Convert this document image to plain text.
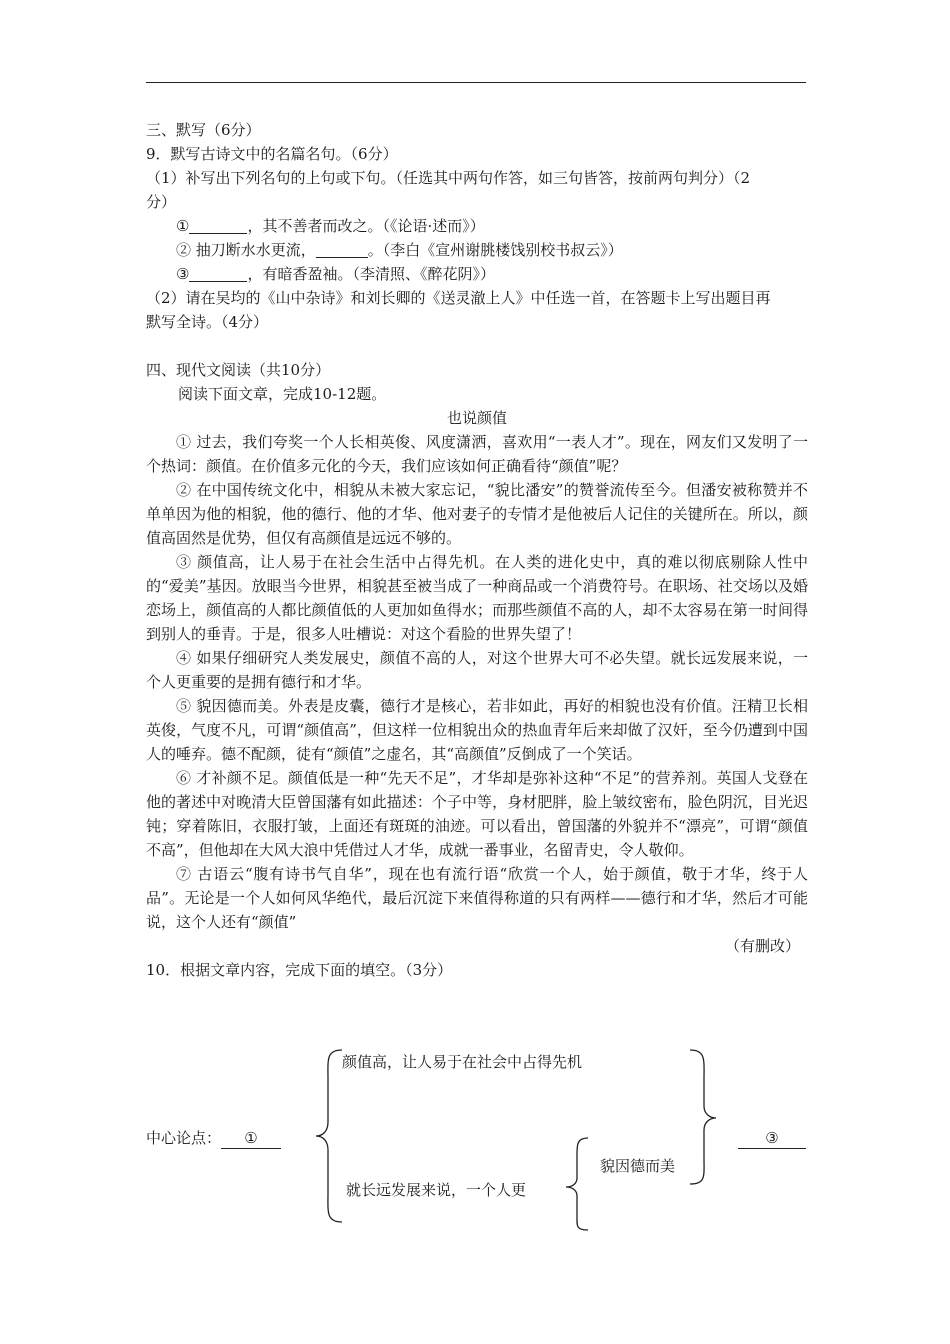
三、默写（6分）
9．默写古诗文中的名篇名句。（6分）
（1）补写出下列名句的上句或下句。（任选其中两句作答，如三句皆答，按前两句判分）（2
分）
①	，其不善者而改之。（《论语·述而》）
② 抽刀断水水更流，	。（李白《宣州谢朓楼饯别校书叔云》）
③	，有暗香盈袖。（李清照、《醉花阴》）
（2）请在吴均的《山中杂诗》和刘长卿的《送灵澈上人》中任选一首，在答题卡上写出题目再
默写全诗。（4分）
四、现代文阅读（共10分）
阅读下面文章，完成10-12题。
也说颜值
① 过去，我们夸奖一个人长相英俊、风度潇洒，喜欢用“一表人才”。现在，网友们又发明了一个热词：颜值。在价值多元化的今天，我们应该如何正确看待“颜值”呢？
② 在中国传统文化中，相貌从未被大家忘记，“貌比潘安”的赞誉流传至今。但潘安被称赞并不单单因为他的相貌，他的德行、他的才华、他对妻子的专情才是他被后人记住的关键所在。所以，颜值高固然是优势，但仅有高颜值是远远不够的。
③ 颜值高，让人易于在社会生活中占得先机。在人类的进化史中，真的难以彻底剔除人性中的“爱美”基因。放眼当今世界，相貌甚至被当成了一种商品或一个消费符号。在职场、社交场以及婚恋场上，颜值高的人都比颜值低的人更加如鱼得水；而那些颜值不高的人，却不太容易在第一时间得到别人的垂青。于是，很多人吐槽说：对这个看脸的世界失望了！
④ 如果仔细研究人类发展史，颜值不高的人，对这个世界大可不必失望。就长远发展来说，一个人更重要的是拥有德行和才华。
⑤ 貌因德而美。外表是皮囊，德行才是核心，若非如此，再好的相貌也没有价值。汪精卫长相英俊，气度不凡，可谓“颜值高”，但这样一位相貌出众的热血青年后来却做了汉奸，至今仍遭到中国人的唾弃。德不配颜，徒有“颜值”之虚名，其“高颜值”反倒成了一个笑话。
⑥ 才补颜不足。颜值低是一种“先天不足”，才华却是弥补这种“不足”的营养剂。英国人戈登在他的著述中对晚清大臣曾国藩有如此描述：个子中等，身材肥胖，脸上皱纹密布，脸色阴沉，目光迟钝；穿着陈旧，衣服打皱，上面还有斑斑的油迹。可以看出，曾国藩的外貌并不“漂亮”，可谓“颜值不高”，但他却在大风大浪中凭借过人才华，成就一番事业，名留青史，令人敬仰。
⑦ 古语云“腹有诗书气自华”，现在也有流行语“欣赏一个人，始于颜值，敬于才华，终于人品”。无论是一个人如何风华绝代，最后沉淀下来值得称道的只有两样——德行和才华，然后才可能说，这个人还有“颜值”
（有删改）
10．根据文章内容，完成下面的填空。（3分）
颜值高，让人易于在社会中占得先机
中心论点： ①	③
貌因德而美
就长远发展来说，一个人更
